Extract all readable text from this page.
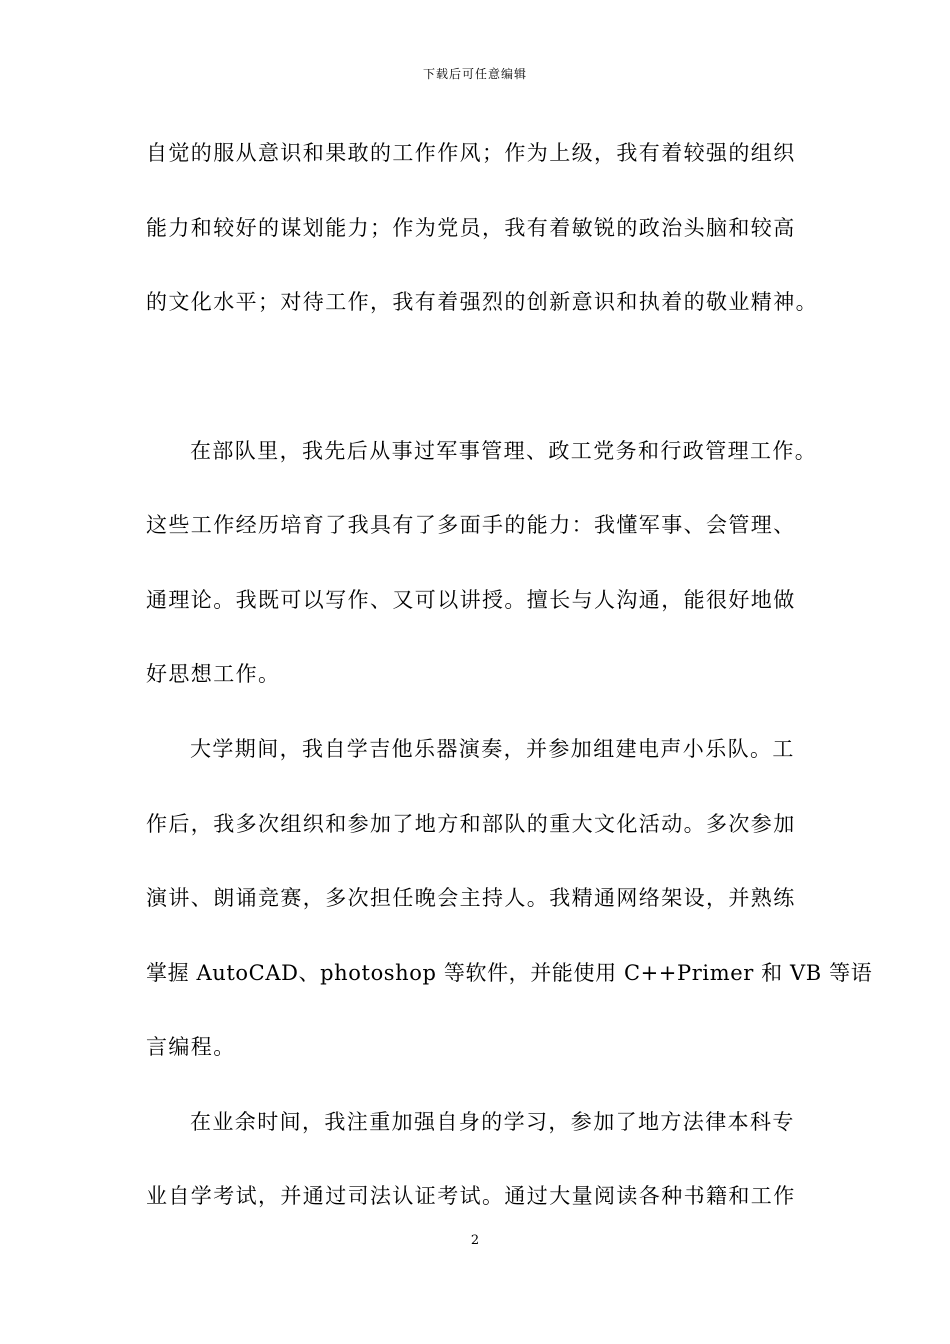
下载后可任意编辑
自觉的服从意识和果敢的工作作风；作为上级，我有着较强的组织
能力和较好的谋划能力；作为党员，我有着敏锐的政治头脑和较高
的文化水平；对待工作，我有着强烈的创新意识和执着的敬业精神。
在部队里，我先后从事过军事管理、政工党务和行政管理工作。
这些工作经历培育了我具有了多面手的能力：我懂军事、会管理、
通理论。我既可以写作、又可以讲授。擅长与人沟通，能很好地做
好思想工作。
大学期间，我自学吉他乐器演奏，并参加组建电声小乐队。工
作后，我多次组织和参加了地方和部队的重大文化活动。多次参加
演讲、朗诵竞赛，多次担任晚会主持人。我精通网络架设，并熟练
掌握 AutoCAD、photoshop 等软件，并能使用 C++Primer 和 VB 等语
言编程。
在业余时间，我注重加强自身的学习，参加了地方法律本科专
业自学考试，并通过司法认证考试。通过大量阅读各种书籍和工作
2
